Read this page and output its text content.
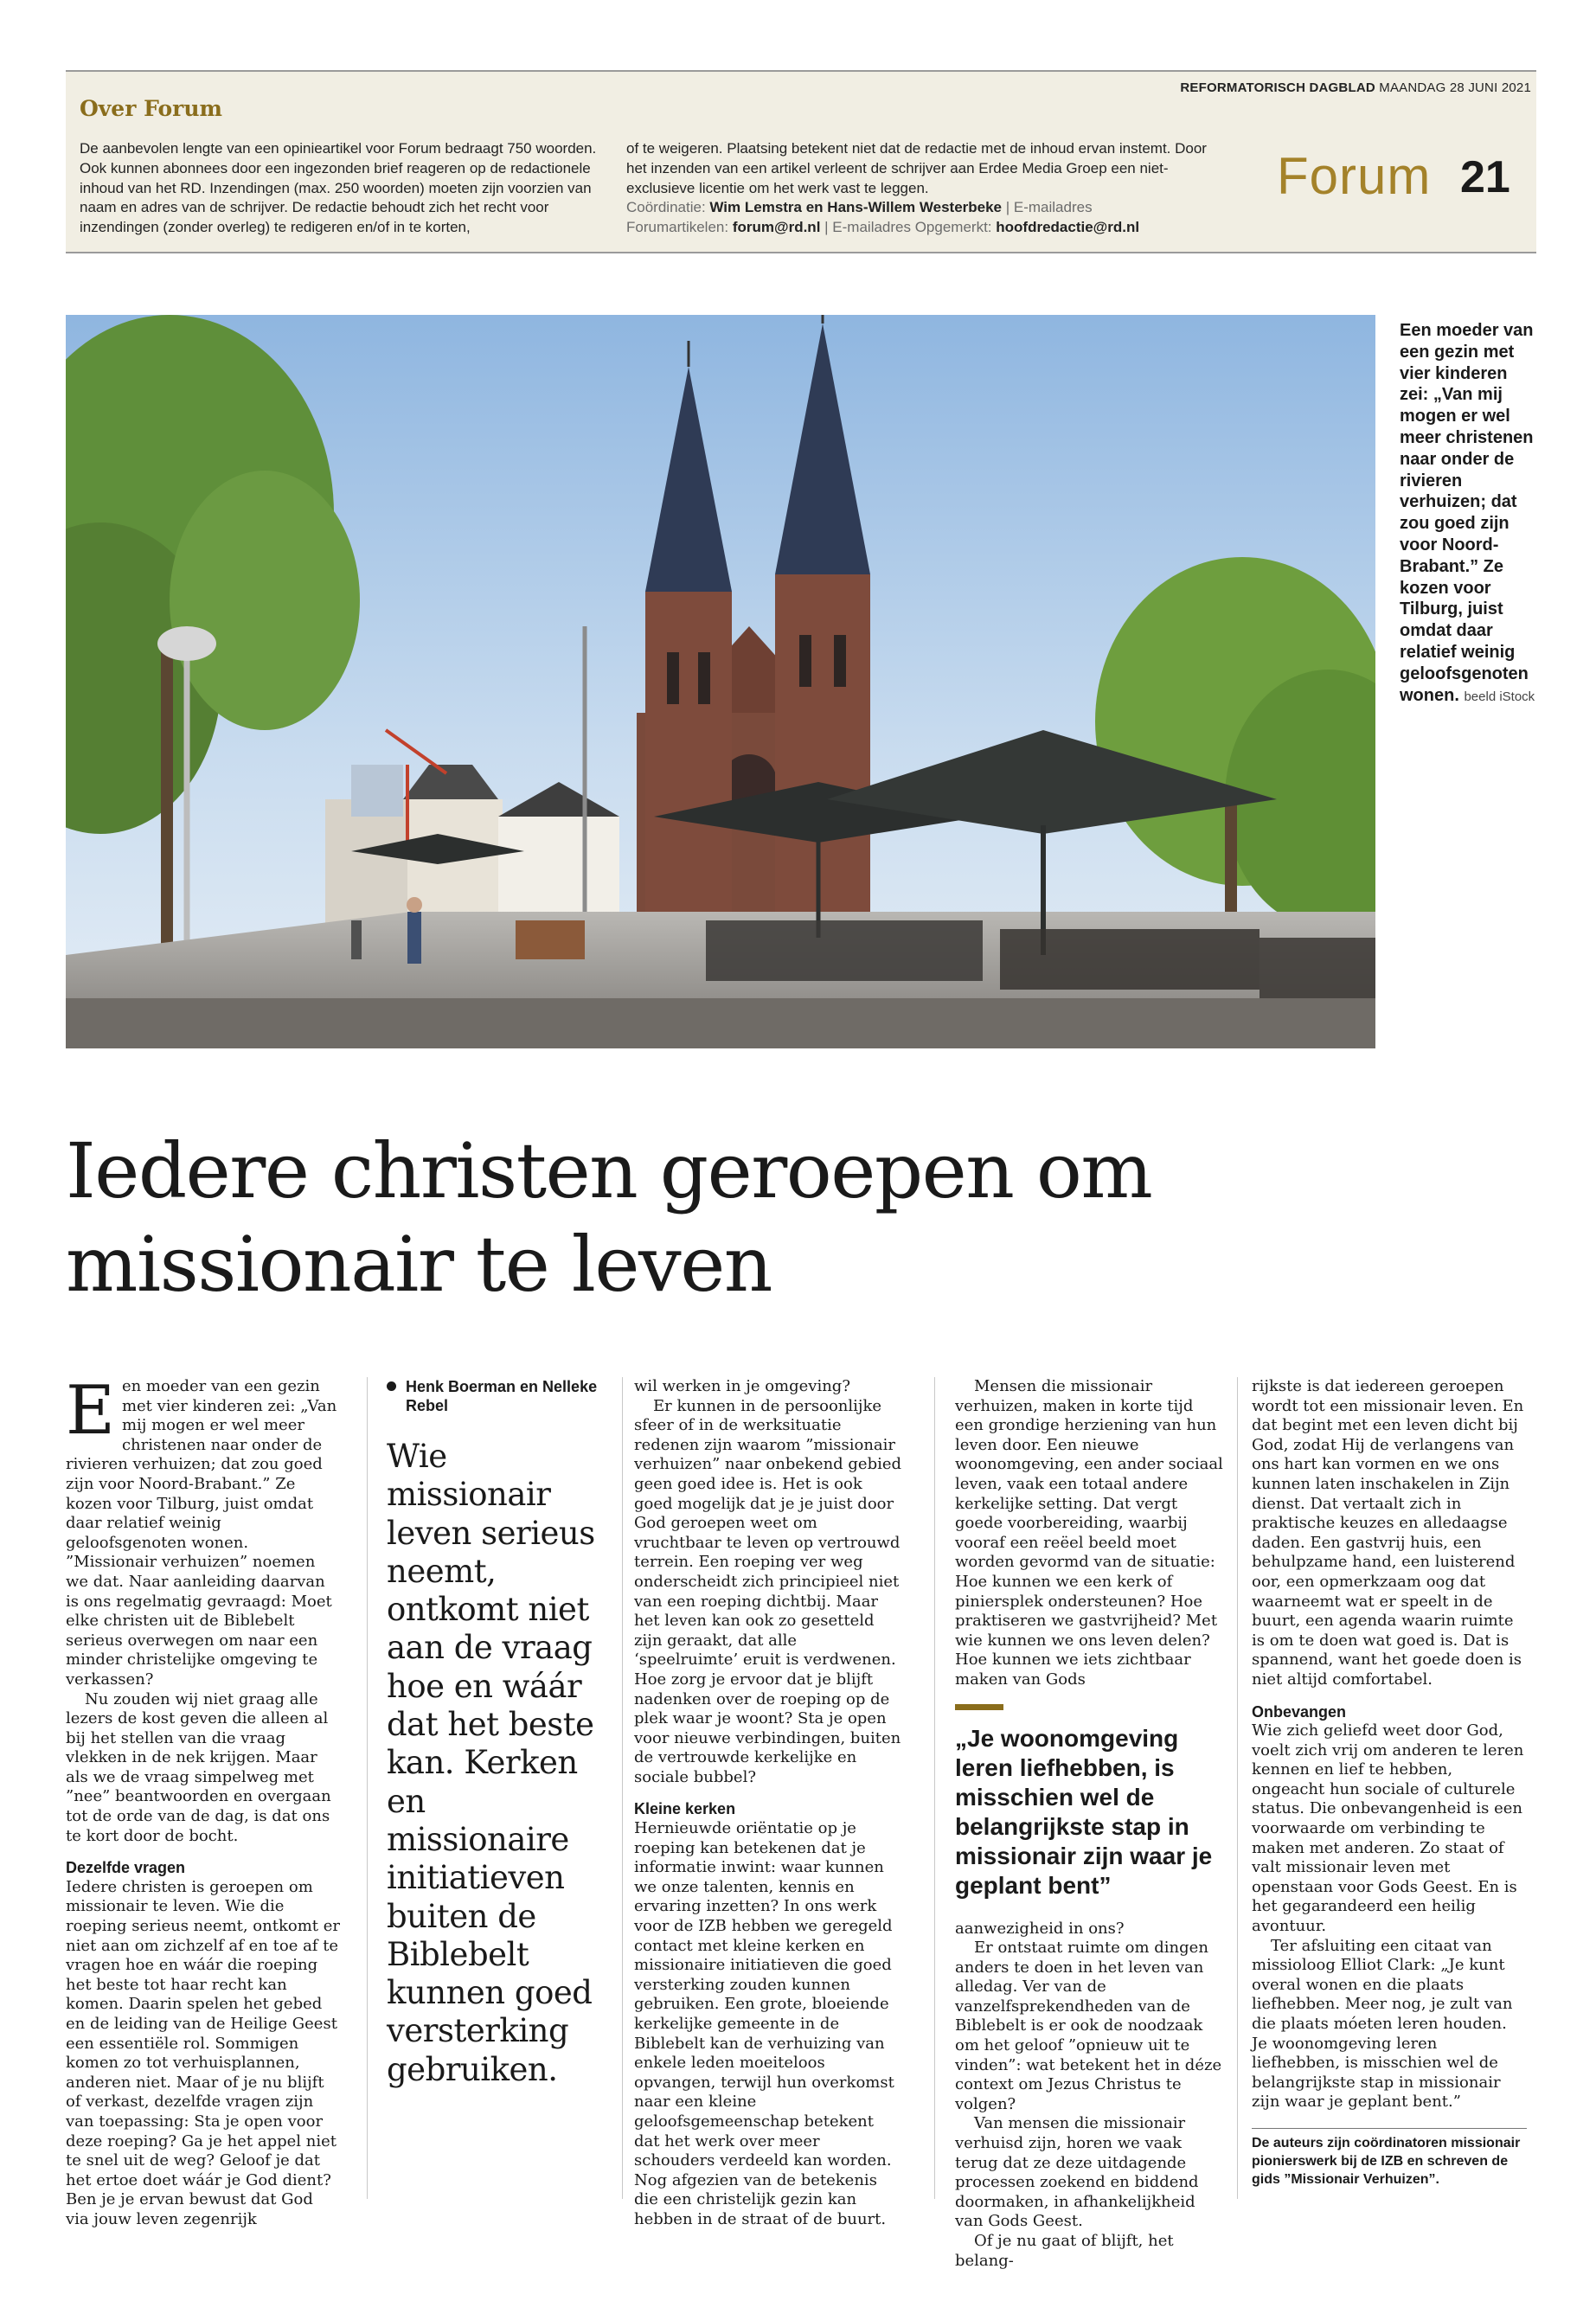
Over Forum
De aanbevolen lengte van een opinieartikel voor Forum bedraagt 750 woorden. Ook kunnen abonnees door een ingezonden brief reageren op de redactionele inhoud van het RD. Inzendingen (max. 250 woorden) moeten zijn voorzien van naam en adres van de schrijver. De redactie behoudt zich het recht voor inzendingen (zonder overleg) te redigeren en/of in te korten,
of te weigeren. Plaatsing betekent niet dat de redactie met de inhoud ervan instemt. Door het inzenden van een artikel verleent de schrijver aan Erdee Media Groep een niet-exclusieve licentie om het werk vast te leggen.
Coördinatie: Wim Lemstra en Hans-Willem Westerbeke | E-mailadres
Forumartikelen: forum@rd.nl | E-mailadres Opgemerkt: hoofdredactie@rd.nl
REFORMATORISCH DAGBLAD MAANDAG 28 JUNI 2021
Forum 21
Een moeder van een gezin met vier kinderen zei: „Van mij mogen er wel meer christenen naar onder de rivieren verhuizen; dat zou goed zijn voor Noord-Brabant.” Ze kozen voor Tilburg, juist omdat daar relatief weinig geloofsgenoten wonen. beeld iStock
Iedere christen geroepen om
missionair te leven
E en moeder van een gezin met vier kinderen zei: „Van mij mogen er wel meer christenen naar onder de rivieren verhuizen; dat zou goed zijn voor Noord-Brabant.” Ze kozen voor Tilburg, juist omdat daar relatief weinig geloofsgenoten wonen. ”Missionair verhuizen” noemen we dat. Naar aanleiding daarvan is ons regelmatig gevraagd: Moet elke christen uit de Biblebelt serieus overwegen om naar een minder christelijke omgeving te verkassen?

Nu zouden wij niet graag alle lezers de kost geven die alleen al bij het stellen van die vraag vlekken in de nek krijgen. Maar als we de vraag simpelweg met ”nee” beantwoorden en overgaan tot de orde van de dag, is dat ons te kort door de bocht.

Dezelfde vragen

Iedere christen is geroepen om missionair te leven. Wie die roeping serieus neemt, ontkomt er niet aan om zichzelf af en toe af te vragen hoe en wáár die roeping het beste tot haar recht kan komen. Daarin spelen het gebed en de leiding van de Heilige Geest een essentiële rol. Sommigen komen zo tot verhuisplannen, anderen niet. Maar of je nu blijft of verkast, dezelfde vragen zijn van toepassing: Sta je open voor deze roeping? Ga je het appel niet te snel uit de weg? Geloof je dat het ertoe doet wáár je God dient? Ben je je ervan bewust dat God via jouw leven zegenrijk

Henk Boerman en Nelleke Rebel
Wie missionair leven serieus neemt, ontkomt niet aan de vraag hoe en wáár dat het beste kan. Kerken en missionaire initiatieven buiten de Biblebelt kunnen goed versterking gebruiken.

wil werken in je omgeving?

Er kunnen in de persoonlijke sfeer of in de werksituatie redenen zijn waarom ”missionair verhuizen” naar onbekend gebied geen goed idee is. Het is ook goed mogelijk dat je je juist door God geroepen weet om vruchtbaar te leven op vertrouwd terrein. Een roeping ver weg onderscheidt zich principieel niet van een roeping dichtbij. Maar het leven kan ook zo gesetteld zijn geraakt, dat alle ‘speelruimte’ eruit is verdwenen. Hoe zorg je ervoor dat je blijft nadenken over de roeping op de plek waar je woont? Sta je open voor nieuwe verbindingen, buiten de vertrouwde kerkelijke en sociale bubbel?

Kleine kerken

Hernieuwde oriëntatie op je roeping kan betekenen dat je informatie inwint: waar kunnen we onze talenten, kennis en ervaring inzetten? In ons werk voor de IZB hebben we geregeld contact met kleine kerken en missionaire initiatieven die goed versterking zouden kunnen gebruiken. Een grote, bloeiende kerkelijke gemeente in de Biblebelt kan de verhuizing van enkele leden moeiteloos opvangen, terwijl hun overkomst naar een kleine geloofsgemeenschap betekent dat het werk over meer schouders verdeeld kan worden. Nog afgezien van de betekenis die een christelijk gezin kan hebben in de straat of de buurt.

Mensen die missionair verhuizen, maken in korte tijd een grondige herziening van hun leven door. Een nieuwe woonomgeving, een ander sociaal leven, vaak een totaal andere kerkelijke setting. Dat vergt goede voorbereiding, waarbij vooraf een reëel beeld moet worden gevormd van de situatie: Hoe kunnen we een kerk of piniersplek ondersteunen? Hoe praktiseren we gastvrijheid? Met wie kunnen we ons leven delen? Hoe kunnen we iets zichtbaar maken van Gods

„Je woonomgeving leren liefhebben, is misschien wel de belangrijkste stap in missionair zijn waar je geplant bent”

aanwezigheid in ons?

Er ontstaat ruimte om dingen anders te doen in het leven van alledag. Ver van de vanzelfsprekendheden van de Biblebelt is er ook de noodzaak om het geloof ”opnieuw uit te vinden”: wat betekent het in déze context om Jezus Christus te volgen?

Van mensen die missionair verhuisd zijn, horen we vaak terug dat ze deze uitdagende processen zoekend en biddend doormaken, in afhankelijkheid van Gods Geest.

Of je nu gaat of blijft, het belang-

rijkste is dat iedereen geroepen wordt tot een missionair leven. En dat begint met een leven dicht bij God, zodat Hij de verlangens van ons hart kan vormen en we ons kunnen laten inschakelen in Zijn dienst. Dat vertaalt zich in praktische keuzes en alledaagse daden. Een gastvrij huis, een behulpzame hand, een luisterend oor, een opmerkzaam oog dat waarneemt wat er speelt in de buurt, een agenda waarin ruimte is om te doen wat goed is. Dat is spannend, want het goede doen is niet altijd comfortabel.

Onbevangen

Wie zich geliefd weet door God, voelt zich vrij om anderen te leren kennen en lief te hebben, ongeacht hun sociale of culturele status. Die onbevangenheid is een voorwaarde om verbinding te maken met anderen. Zo staat of valt missionair leven met openstaan voor Gods Geest. En is het gegarandeerd een heilig avontuur.

Ter afsluiting een citaat van missioloog Elliot Clark: „Je kunt overal wonen en die plaats liefhebben. Meer nog, je zult van die plaats móeten leren houden. Je woonomgeving leren liefhebben, is misschien wel de belangrijkste stap in missionair zijn waar je geplant bent.”

De auteurs zijn coördinatoren missionair pionierswerk bij de IZB en schreven de gids ”Missionair Verhuizen”.
